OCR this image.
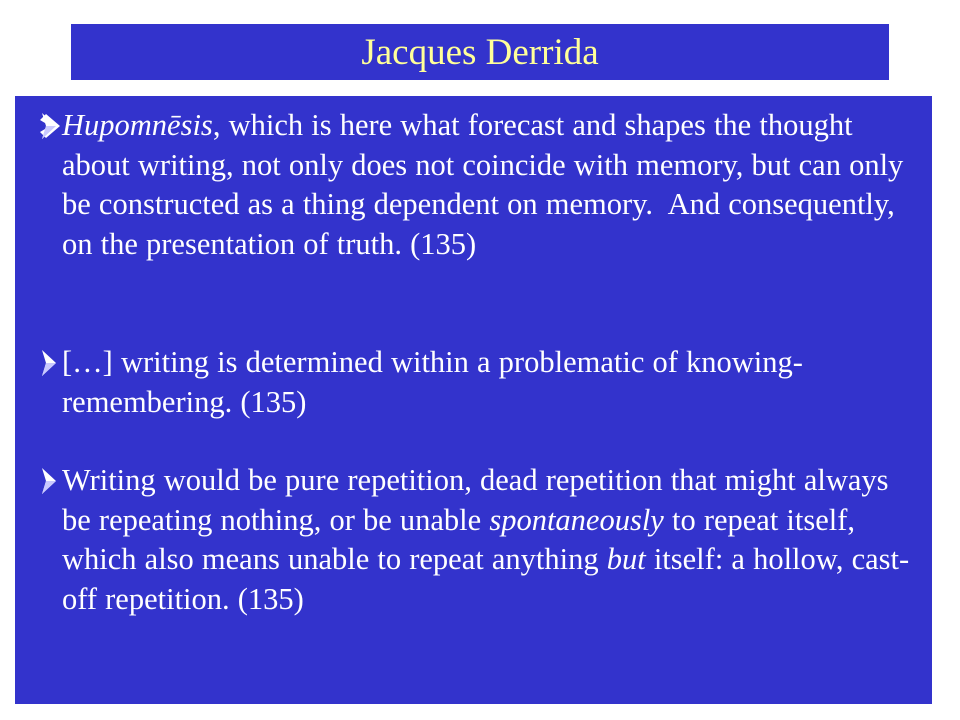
Jacques Derrida
Hupomnēsis, which is here what forecast and shapes the thought about writing, not only does not coincide with memory, but can only be constructed as a thing dependent on memory.  And consequently, on the presentation of truth. (135)
[…] writing is determined within a problematic of knowing-remembering. (135)
Writing would be pure repetition, dead repetition that might always be repeating nothing, or be unable spontaneously to repeat itself, which also means unable to repeat anything but itself: a hollow, cast-off repetition. (135)
